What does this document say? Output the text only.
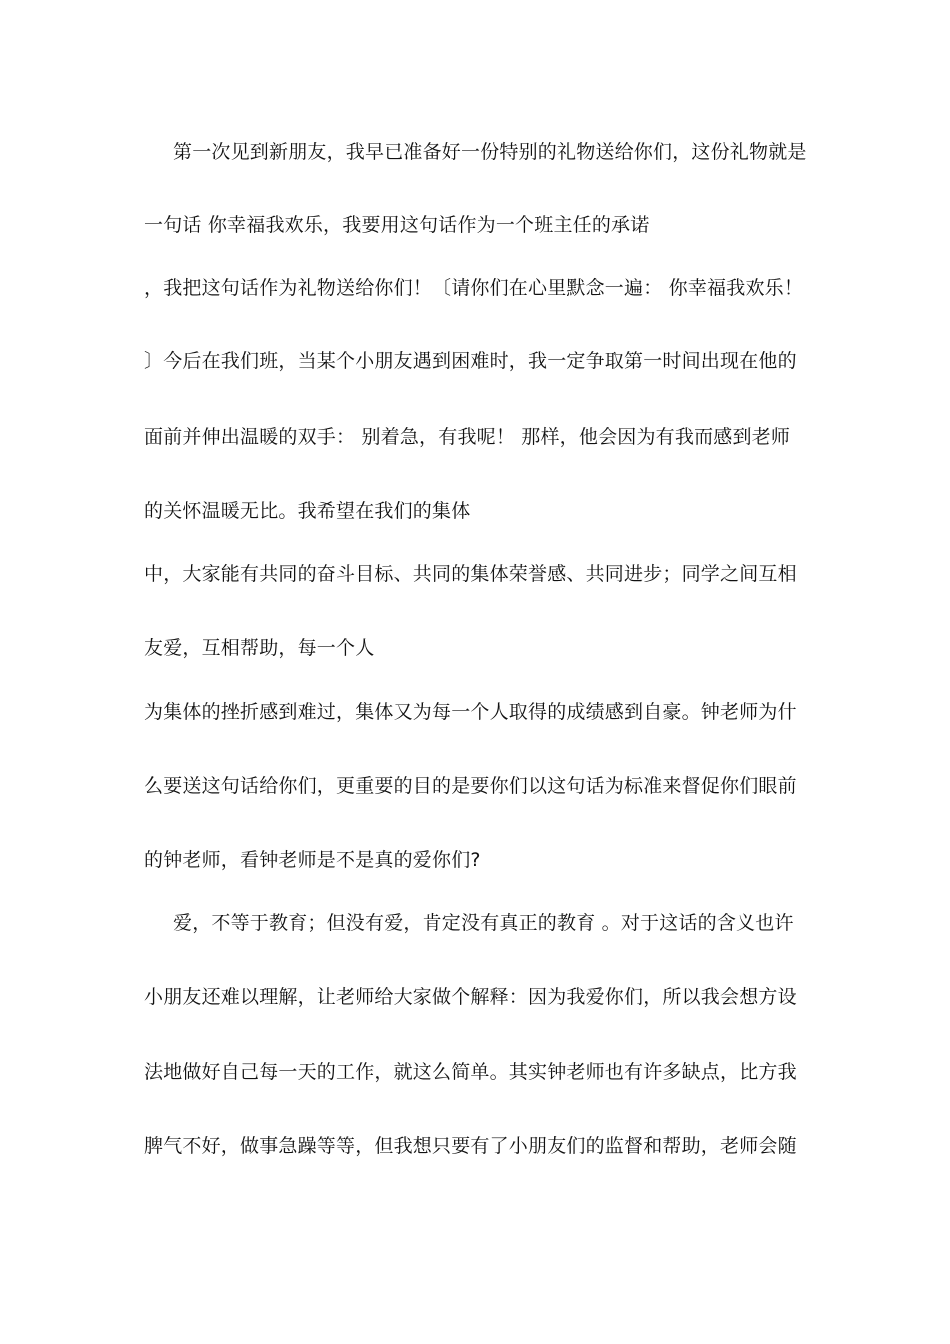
第一次见到新朋友，我早已准备好一份特别的礼物送给你们，这份礼物就是
一句话 你幸福我欢乐，我要用这句话作为一个班主任的承诺
，我把这句话作为礼物送给你们！〔请你们在心里默念一遍： 你幸福我欢乐！
〕今后在我们班，当某个小朋友遇到困难时，我一定争取第一时间出现在他的
面前并伸出温暖的双手： 别着急，有我呢！ 那样，他会因为有我而感到老师
的关怀温暖无比。我希望在我们的集体
中，大家能有共同的奋斗目标、共同的集体荣誉感、共同进步；同学之间互相
友爱，互相帮助，每一个人
为集体的挫折感到难过，集体又为每一个人取得的成绩感到自豪。钟老师为什
么要送这句话给你们，更重要的目的是要你们以这句话为标准来督促你们眼前
的钟老师，看钟老师是不是真的爱你们?
爱，不等于教育；但没有爱，肯定没有真正的教育 。对于这话的含义也许
小朋友还难以理解，让老师给大家做个解释：因为我爱你们，所以我会想方设
法地做好自己每一天的工作，就这么简单。其实钟老师也有许多缺点，比方我
脾气不好，做事急躁等等，但我想只要有了小朋友们的监督和帮助，老师会随
